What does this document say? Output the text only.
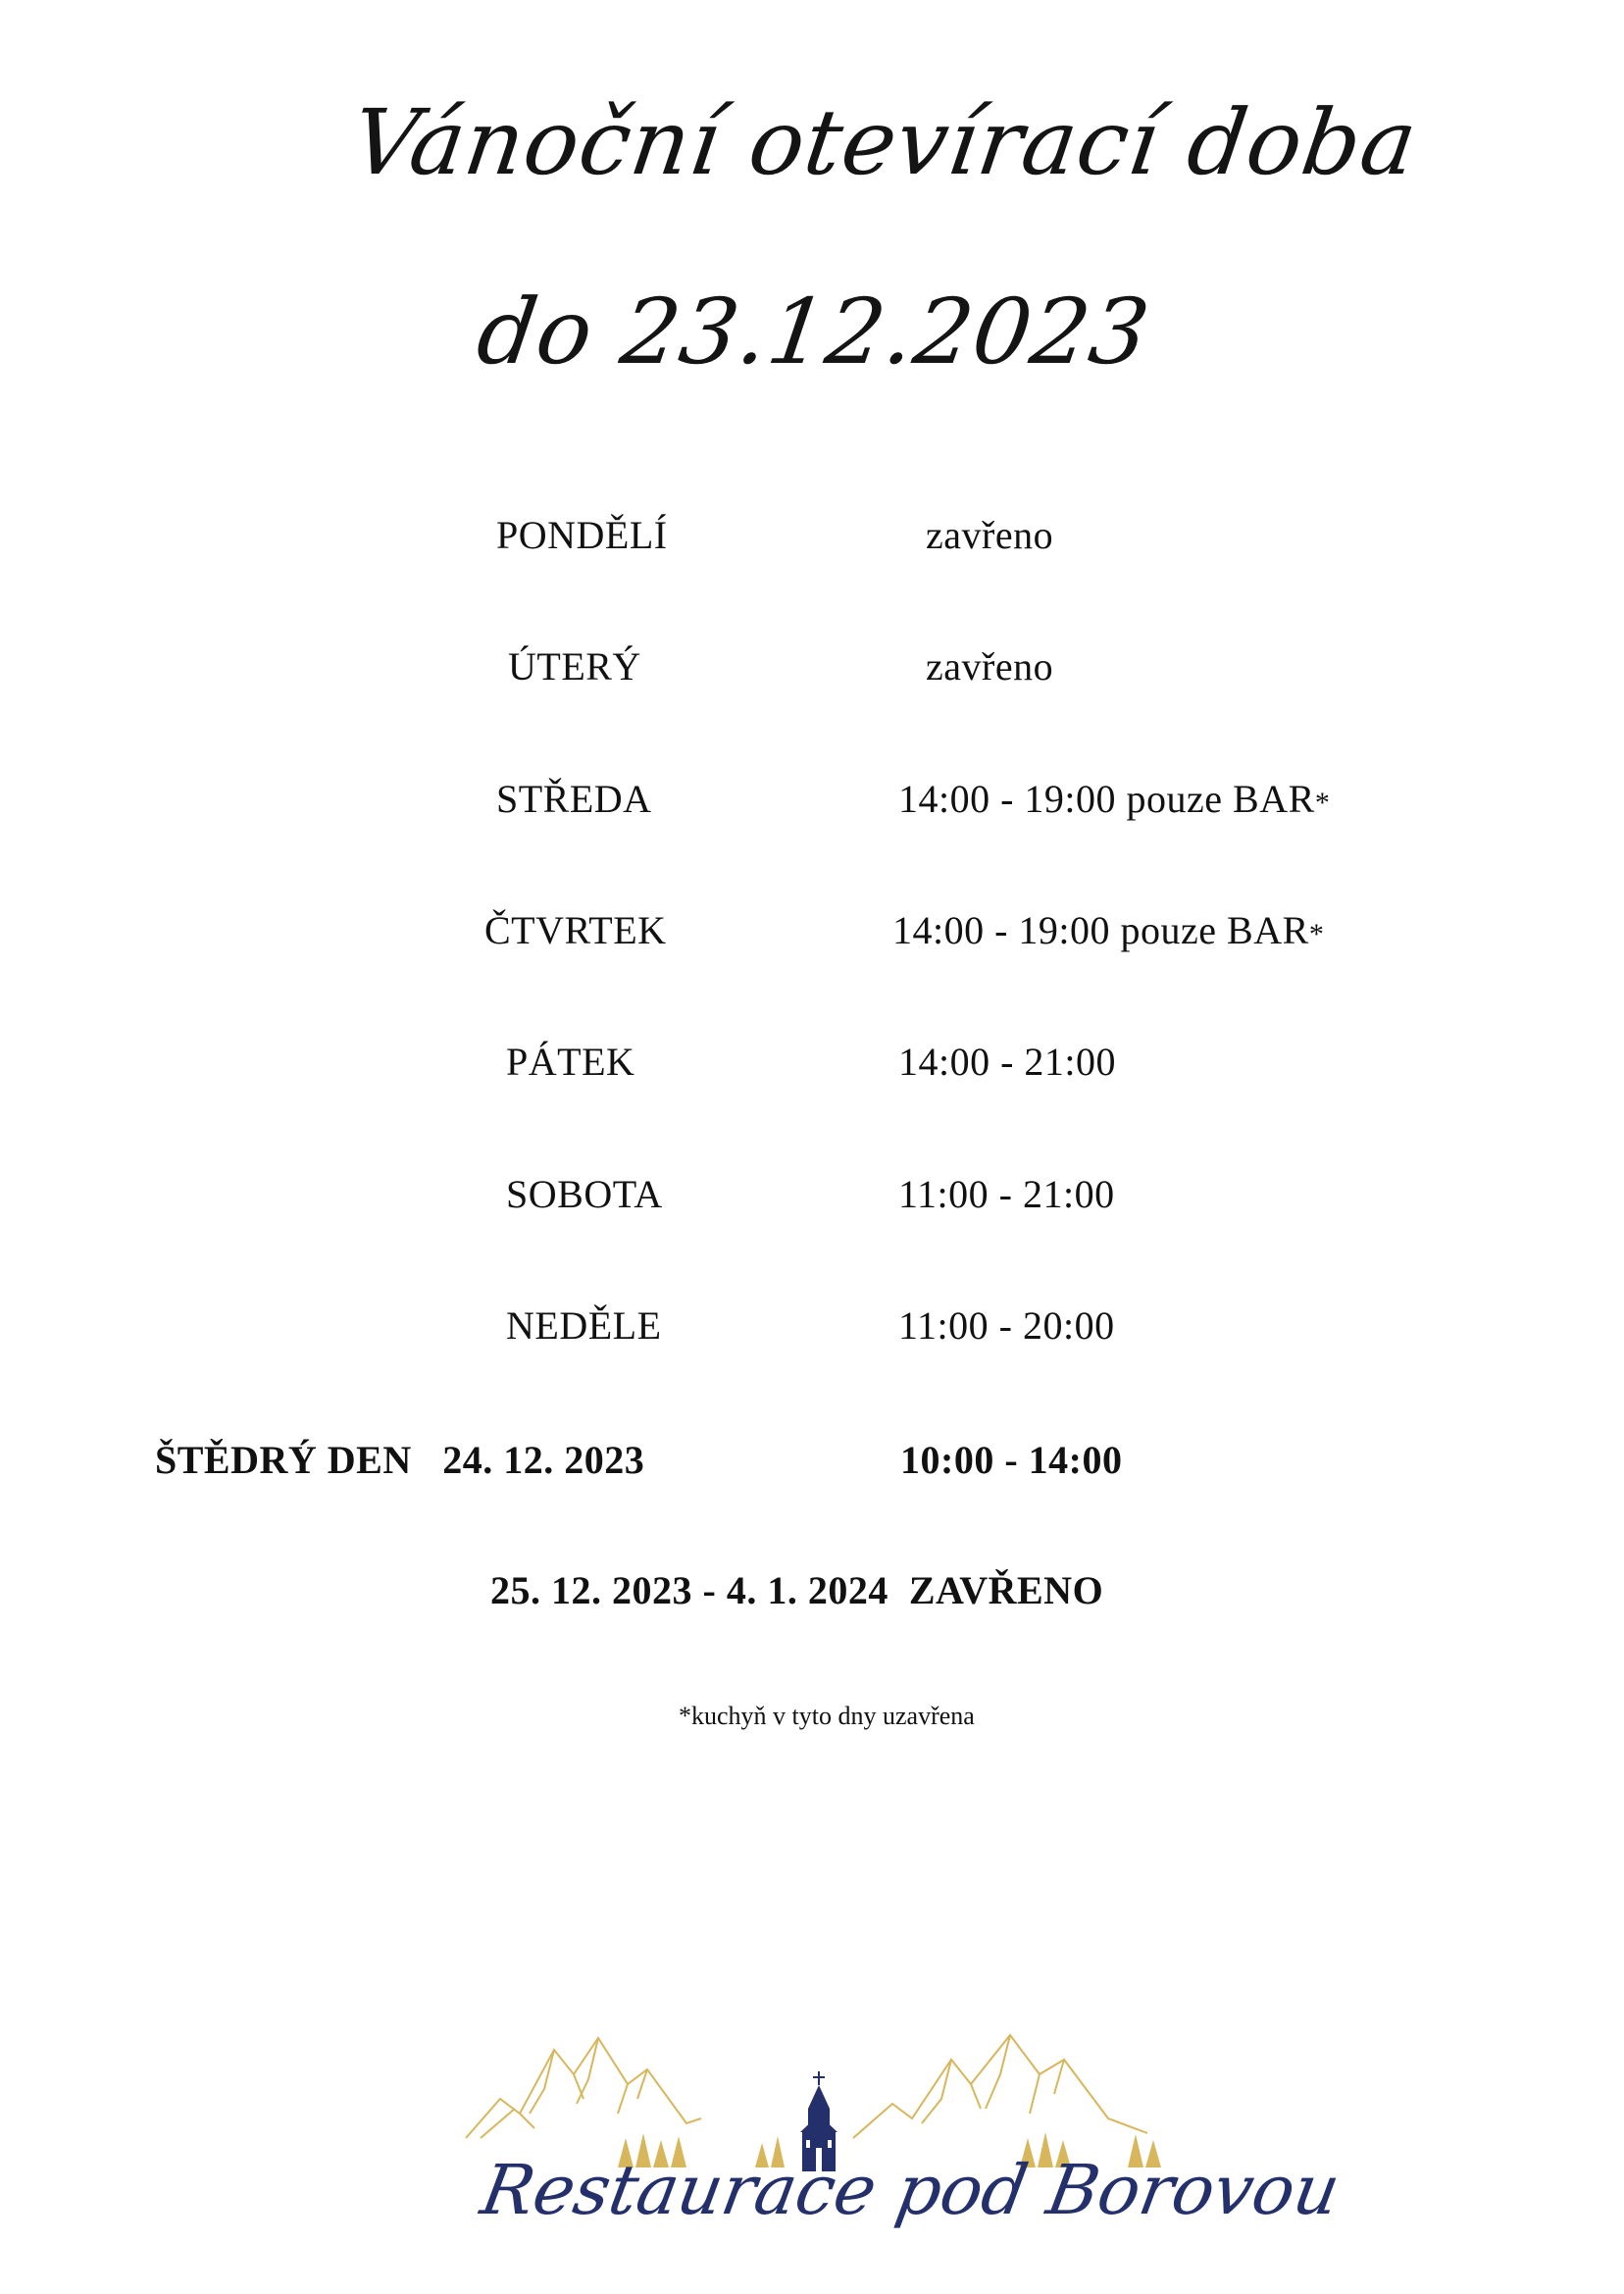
Vánoční otevírací doba
do 23.12.2023
PONDĚLÍ	zavřeno
ÚTERÝ	zavřeno
STŘEDA	14:00 - 19:00 pouze BAR*
ČTVRTEK	14:00 - 19:00 pouze BAR*
PÁTEK	14:00 - 21:00
SOBOTA	11:00 - 21:00
NEDĚLE	11:00 - 20:00
ŠTĚDRÝ DEN   24. 12. 2023	10:00 - 14:00
25. 12. 2023 - 4. 1. 2024  ZAVŘENO
*kuchyň v tyto dny uzavřena
Restaurace pod Borovou
